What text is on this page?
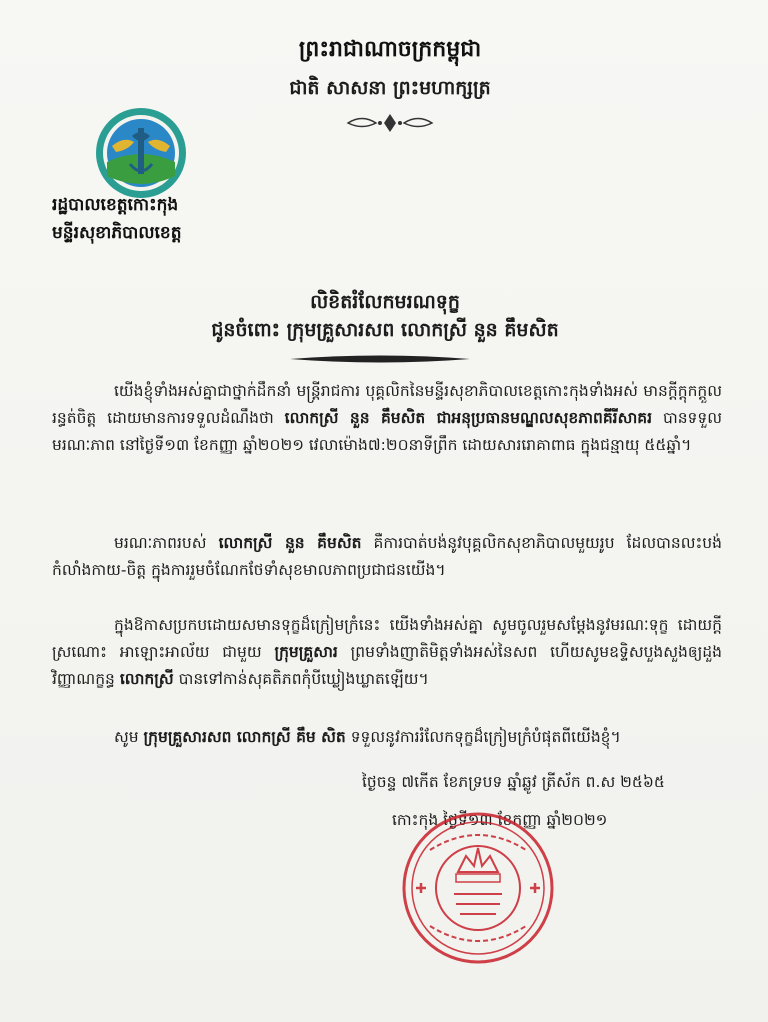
ព្រះរាជាណាចក្រកម្ពុជា
ជាតិ សាសនា ព្រះមហាក្សត្រ
រដ្ឋបាលខេត្តកោះកុង
មន្ទីរសុខាភិបាលខេត្ត
លិខិតរំលែកមរណទុក្ខ
ជូនចំពោះ ក្រុមគ្រួសារសព លោកស្រី នួន គឹមសិត

យើងខ្ញុំទាំងអស់គ្នាជាថ្នាក់ដឹកនាំ មន្រ្តីរាជការ បុគ្គលិកនៃមន្ទីរសុខាភិបាលខេត្តកោះកុងទាំងអស់ មានក្តីក្តុកក្តួល រន្ធត់ចិត្ត ដោយមានការទទួលដំណឹងថា លោកស្រី នួន គឹមសិត ជាអនុប្រធានមណ្ឌលសុខភាពគីរីសាគរ បានទទួលមរណៈភាព នៅថ្ងៃទី១៣ ខែកញ្ញា ឆ្នាំ២០២១ វេលាម៉ោង៧:២០នាទីព្រឹក ដោយសាររោគាពាធ ក្នុងជន្មាយុ ៥៥ឆ្នាំ។

មរណៈភាពរបស់ លោកស្រី នួន គឹមសិត គឺការបាត់បង់នូវបុគ្គលិកសុខាភិបាលមួយរូប ដែលបានលះបង់កំលាំងកាយ-ចិត្ត ក្នុងការរួមចំណែកថែទាំសុខមាលភាពប្រជាជនយើង។

ក្នុងឱកាសប្រកបដោយសមានទុក្ខដ៏ក្រៀមក្រំនេះ យើងទាំងអស់គ្នា សូមចូលរួមសម្តែងនូវមរណៈទុក្ខ ដោយក្តីស្រណោះ អាឡោះអាល័យ ជាមួយ ក្រុមគ្រួសារ ព្រមទាំងញាតិមិត្តទាំងអស់នៃសព ហើយសូមឧទ្ទិសបួងសួងឲ្យដួងវិញ្ញាណក្ខន្ធ លោកស្រី បានទៅកាន់សុគតិភពកុំបីឃ្លៀងឃ្លាតឡើយ។

សូម ក្រុមគ្រួសារសព លោកស្រី គឹម សិត ទទួលនូវការរំលែកទុក្ខដ៏ក្រៀមក្រំបំផុតពីយើងខ្ញុំ។

ថ្ងៃចន្ទ ៧កើត ខែភទ្របទ ឆ្នាំឆ្លូវ ត្រីស័ក ព.ស ២៥៦៥
កោះកុង ថ្ងៃទី១៣ ខែកញ្ញា ឆ្នាំ២០២១
